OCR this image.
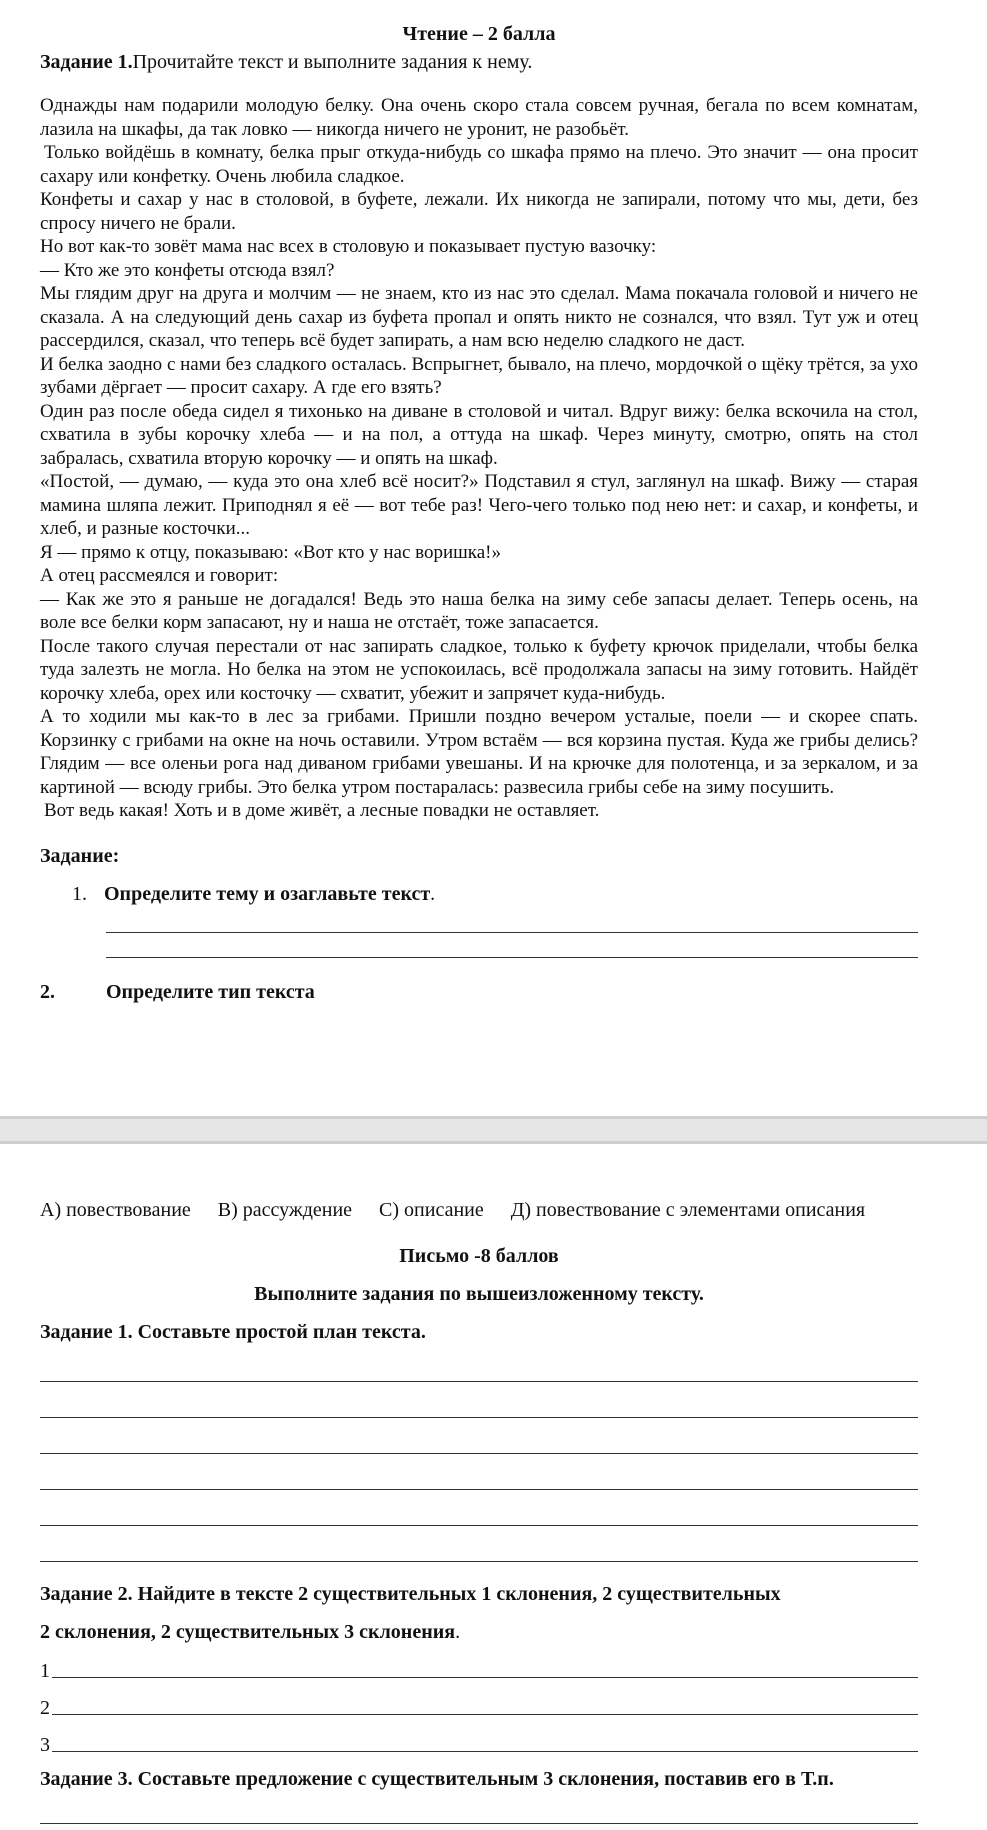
Чтение – 2 балла

Задание 1.Прочитайте текст и выполните задания к нему.

Однажды нам подарили молодую белку. Она очень скоро стала совсем ручная, бегала по всем комнатам, лазила на шкафы, да так ловко — никогда ничего не уронит, не разобьёт.

Только войдёшь в комнату, белка прыг откуда-нибудь со шкафа прямо на плечо. Это значит — она просит сахару или конфетку. Очень любила сладкое.

Конфеты и сахар у нас в столовой, в буфете, лежали. Их никогда не запирали, потому что мы, дети, без спросу ничего не брали.

Но вот как-то зовёт мама нас всех в столовую и показывает пустую вазочку:

— Кто же это конфеты отсюда взял?

Мы глядим друг на друга и молчим — не знаем, кто из нас это сделал. Мама покачала головой и ничего не сказала. А на следующий день сахар из буфета пропал и опять никто не сознался, что взял. Тут уж и отец рассердился, сказал, что теперь всё будет запирать, а нам всю неделю сладкого не даст.

И белка заодно с нами без сладкого осталась. Вспрыгнет, бывало, на плечо, мордочкой о щёку трётся, за ухо зубами дёргает — просит сахару. А где его взять?

Один раз после обеда сидел я тихонько на диване в столовой и читал. Вдруг вижу: белка вскочила на стол, схватила в зубы корочку хлеба — и на пол, а оттуда на шкаф. Через минуту, смотрю, опять на стол забралась, схватила вторую корочку — и опять на шкаф.

«Постой, — думаю, — куда это она хлеб всё носит?» Подставил я стул, заглянул на шкаф. Вижу — старая мамина шляпа лежит. Приподнял я её — вот тебе раз! Чего-чего только под нею нет: и сахар, и конфеты, и хлеб, и разные косточки...

Я — прямо к отцу, показываю: «Вот кто у нас воришка!»

А отец рассмеялся и говорит:

— Как же это я раньше не догадался! Ведь это наша белка на зиму себе запасы делает. Теперь осень, на воле все белки корм запасают, ну и наша не отстаёт, тоже запасается.

После такого случая перестали от нас запирать сладкое, только к буфету крючок приделали, чтобы белка туда залезть не могла. Но белка на этом не успокоилась, всё продолжала запасы на зиму готовить. Найдёт корочку хлеба, орех или косточку — схватит, убежит и запрячет куда-нибудь.

А то ходили мы как-то в лес за грибами. Пришли поздно вечером усталые, поели — и скорее спать. Корзинку с грибами на окне на ночь оставили. Утром встаём — вся корзина пустая. Куда же грибы делись? Глядим — все оленьи рога над диваном грибами увешаны. И на крючке для полотенца, и за зеркалом, и за картиной — всюду грибы. Это белка утром постаралась: развесила грибы себе на зиму посушить.

Вот ведь какая! Хоть и в доме живёт, а лесные повадки не оставляет.

Задание:
1. Определите тему и озаглавьте текст.
2.	Определите тип текста
А) повествование В) рассуждение С) описание Д) повествование с элементами описания

Письмо -8 баллов

Выполните задания по вышеизложенному тексту.

Задание 1. Составьте простой план текста.

Задание 2. Найдите в тексте 2 существительных 1 склонения, 2 существительных

2 склонения, 2 существительных 3 склонения.

1
2
3

Задание 3. Составьте предложение с существительным 3 склонения, поставив его в Т.п.
